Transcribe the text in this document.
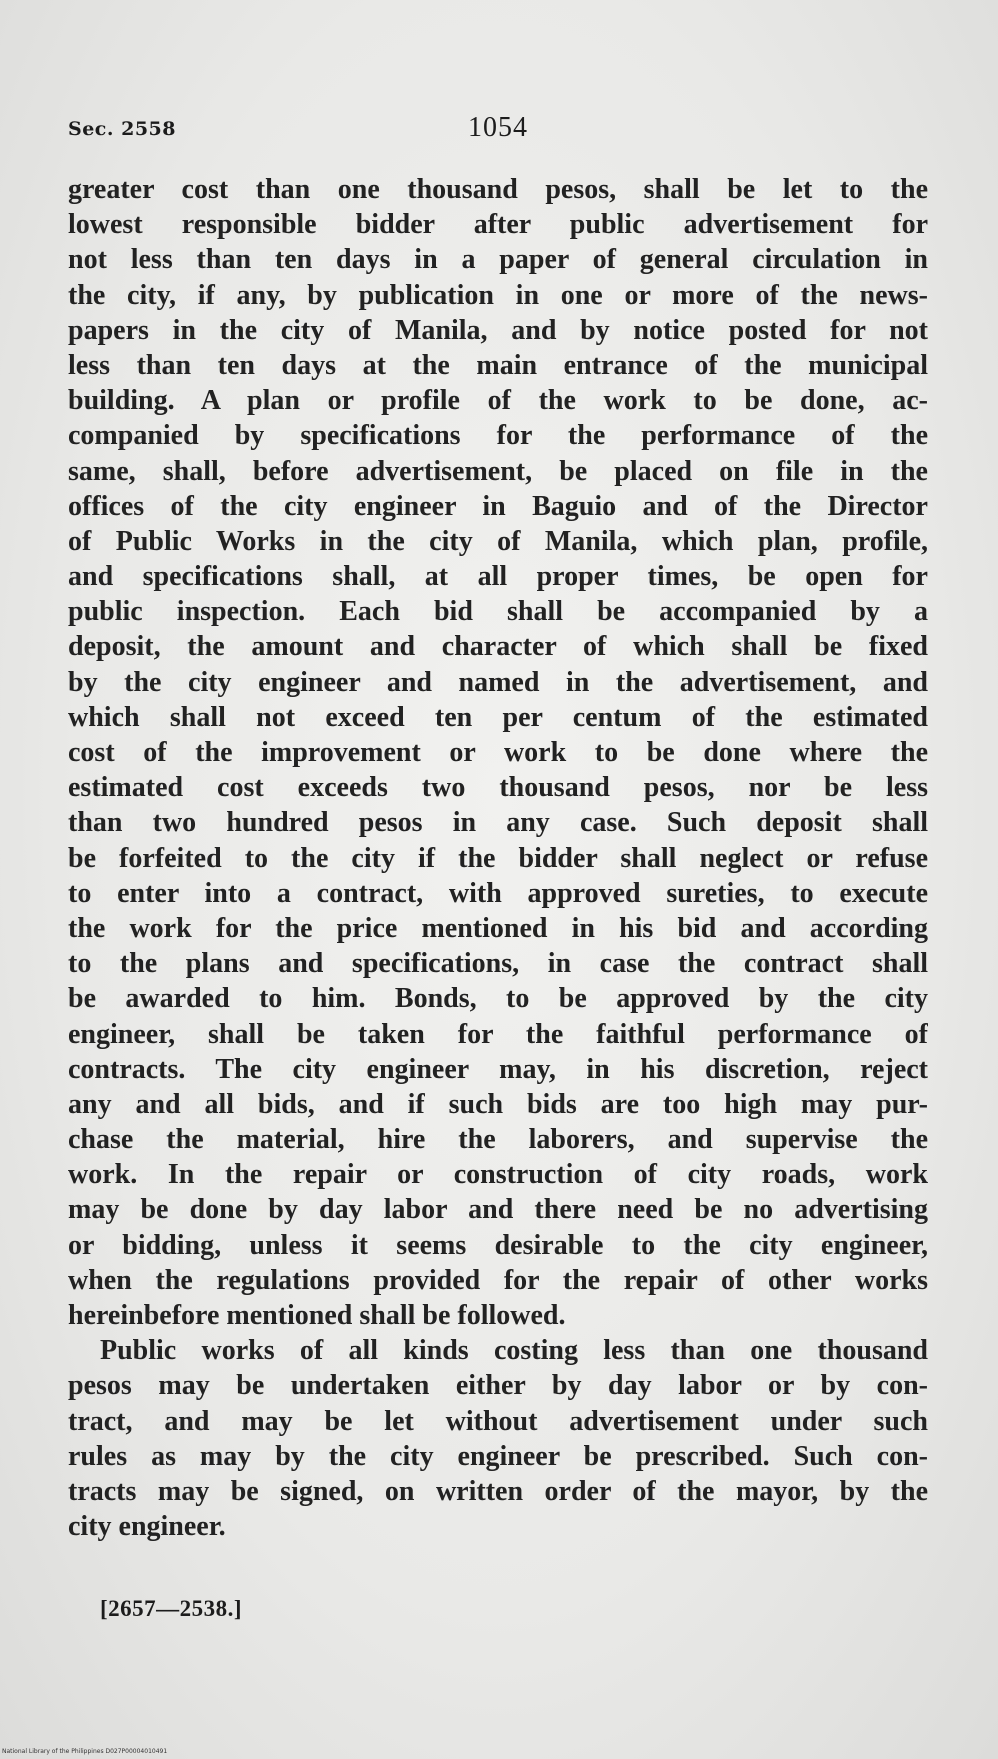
Sec. 2558	1054
greater cost than one thousand pesos, shall be let to the
lowest responsible bidder after public advertisement for
not less than ten days in a paper of general circulation in
the city, if any, by publication in one or more of the news-
papers in the city of Manila, and by notice posted for not
less than ten days at the main entrance of the municipal
building. A plan or profile of the work to be done, ac-
companied by specifications for the performance of the
same, shall, before advertisement, be placed on file in the
offices of the city engineer in Baguio and of the Director
of Public Works in the city of Manila, which plan, profile,
and specifications shall, at all proper times, be open for
public inspection. Each bid shall be accompanied by a
deposit, the amount and character of which shall be fixed
by the city engineer and named in the advertisement, and
which shall not exceed ten per centum of the estimated
cost of the improvement or work to be done where the
estimated cost exceeds two thousand pesos, nor be less
than two hundred pesos in any case. Such deposit shall
be forfeited to the city if the bidder shall neglect or refuse
to enter into a contract, with approved sureties, to execute
the work for the price mentioned in his bid and according
to the plans and specifications, in case the contract shall
be awarded to him. Bonds, to be approved by the city
engineer, shall be taken for the faithful performance of
contracts. The city engineer may, in his discretion, reject
any and all bids, and if such bids are too high may pur-
chase the material, hire the laborers, and supervise the
work. In the repair or construction of city roads, work
may be done by day labor and there need be no advertising
or bidding, unless it seems desirable to the city engineer,
when the regulations provided for the repair of other works
hereinbefore mentioned shall be followed.
Public works of all kinds costing less than one thousand
pesos may be undertaken either by day labor or by con-
tract, and may be let without advertisement under such
rules as may by the city engineer be prescribed. Such con-
tracts may be signed, on written order of the mayor, by the
city engineer.
[2657—2538.]
National Library of the Philippines D027P00004010491
